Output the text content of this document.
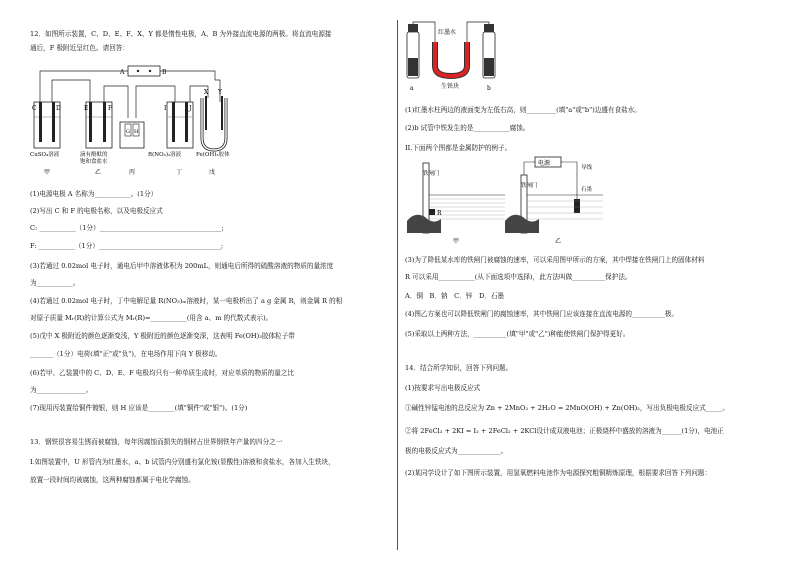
12．如图所示装置，C、D、E、F、X、Y 都是惰性电极，A、B 为外接直流电源的两极。将直流电源接
通后，F 极附近呈红色。请回答：
A	B
C	D	E	F
G H
I	J
X Y
CuSO₄溶液	滴有酚酞的
饱和食盐水
R(NO₃)₂溶液	Fe(OH)₃胶体
甲	乙	丙	丁	戊
(1)电源电极 A 名称为___________。(1分）
(2)写出 C 和 F 的电极名称，以及电极反应式
C: ___________（1分）_____________________________________;
F: ___________（1分）_____________________________________;
(3)若通过 0.02mol 电子时，通电后甲中溶液体积为 200mL，则通电后所得的硫酸溶液的物质的量浓度
为___________。
(4)若通过 0.02mol 电子时，丁中电解足量 R(NO₃)ₘ溶液时，某一电极析出了 a g 金属 R，则金属 R 的相
对原子质量 Mᵣ(R)的计算公式为 Mᵣ(R)=___________(用含 a、m 的代数式表示)。
(5)戊中 X 极附近的颜色逐渐变浅，Y 极附近的颜色逐渐变深，这表明 Fe(OH)₃胶体粒子带
_______（1分）电荷(填"正"或"负")，在电场作用下向 Y 极移动。
(6)若甲、乙装置中的 C、D、E、F 电极均只有一种单质生成时，对应单质的物质的量之比
为_______________。
(7)现用丙装置给铜件镀银，则 H 应该是________(填"铜件"或"银")。(1分)
13．钢铁很容易生锈而被腐蚀，每年因腐蚀而损失的钢材占世界钢铁年产量的四分之一
I.如图装置中，U 形管内为红墨水，a、b 试管内分别盛有氯化铵(显酸性)溶液和食盐水，各加入生铁块，
放置一段时间均被腐蚀，这两种腐蚀都属于电化学腐蚀。
红墨水
生铁块
a	b
(1)红墨水柱两边的液面变为左低右高，则_________(填"a"或"b")边盛有食盐水。
(2)b 试管中铁发生的是___________腐蚀。
II.下面两个图都是金属防护的例子。
铁闸门
R
甲
电源
铁闸门
导线
石墨
乙
(3)为了降低某水库的铁闸门被腐蚀的速率，可以采用图甲所示的方案，其中焊接在铁闸门上的固体材料
R 可以采用___________(从下面选项中选择)，此方法叫做__________保护法。
A．铜　B．钠　C．锌　D．石墨
(4)图乙方案也可以降低铁闸门的腐蚀速率，其中铁闸门应该连接在直流电源的__________极。
(5)采取以上两种方法，__________(填"甲"或"乙")种能使铁闸门保护得更好。
14．结合所学知识，回答下列问题。
(1)按要求写出电极反应式
①碱性锌锰电池的总反应为 Zn + 2MnO₂ + 2H₂O = 2MnO(OH) + Zn(OH)₂，写出负极电极反应式_____。
②将 2FeCl₃ + 2KI = I₂ + 2FeCl₂ + 2KCl设计成双液电池；正极烧杯中盛放的溶液为______(1分)，电池正
极的电极反应式为_____________。
(2)某同学设计了如下图所示装置，用氢氧燃料电池作为电源探究粗铜精炼原理，根据要求回答下列问题：
